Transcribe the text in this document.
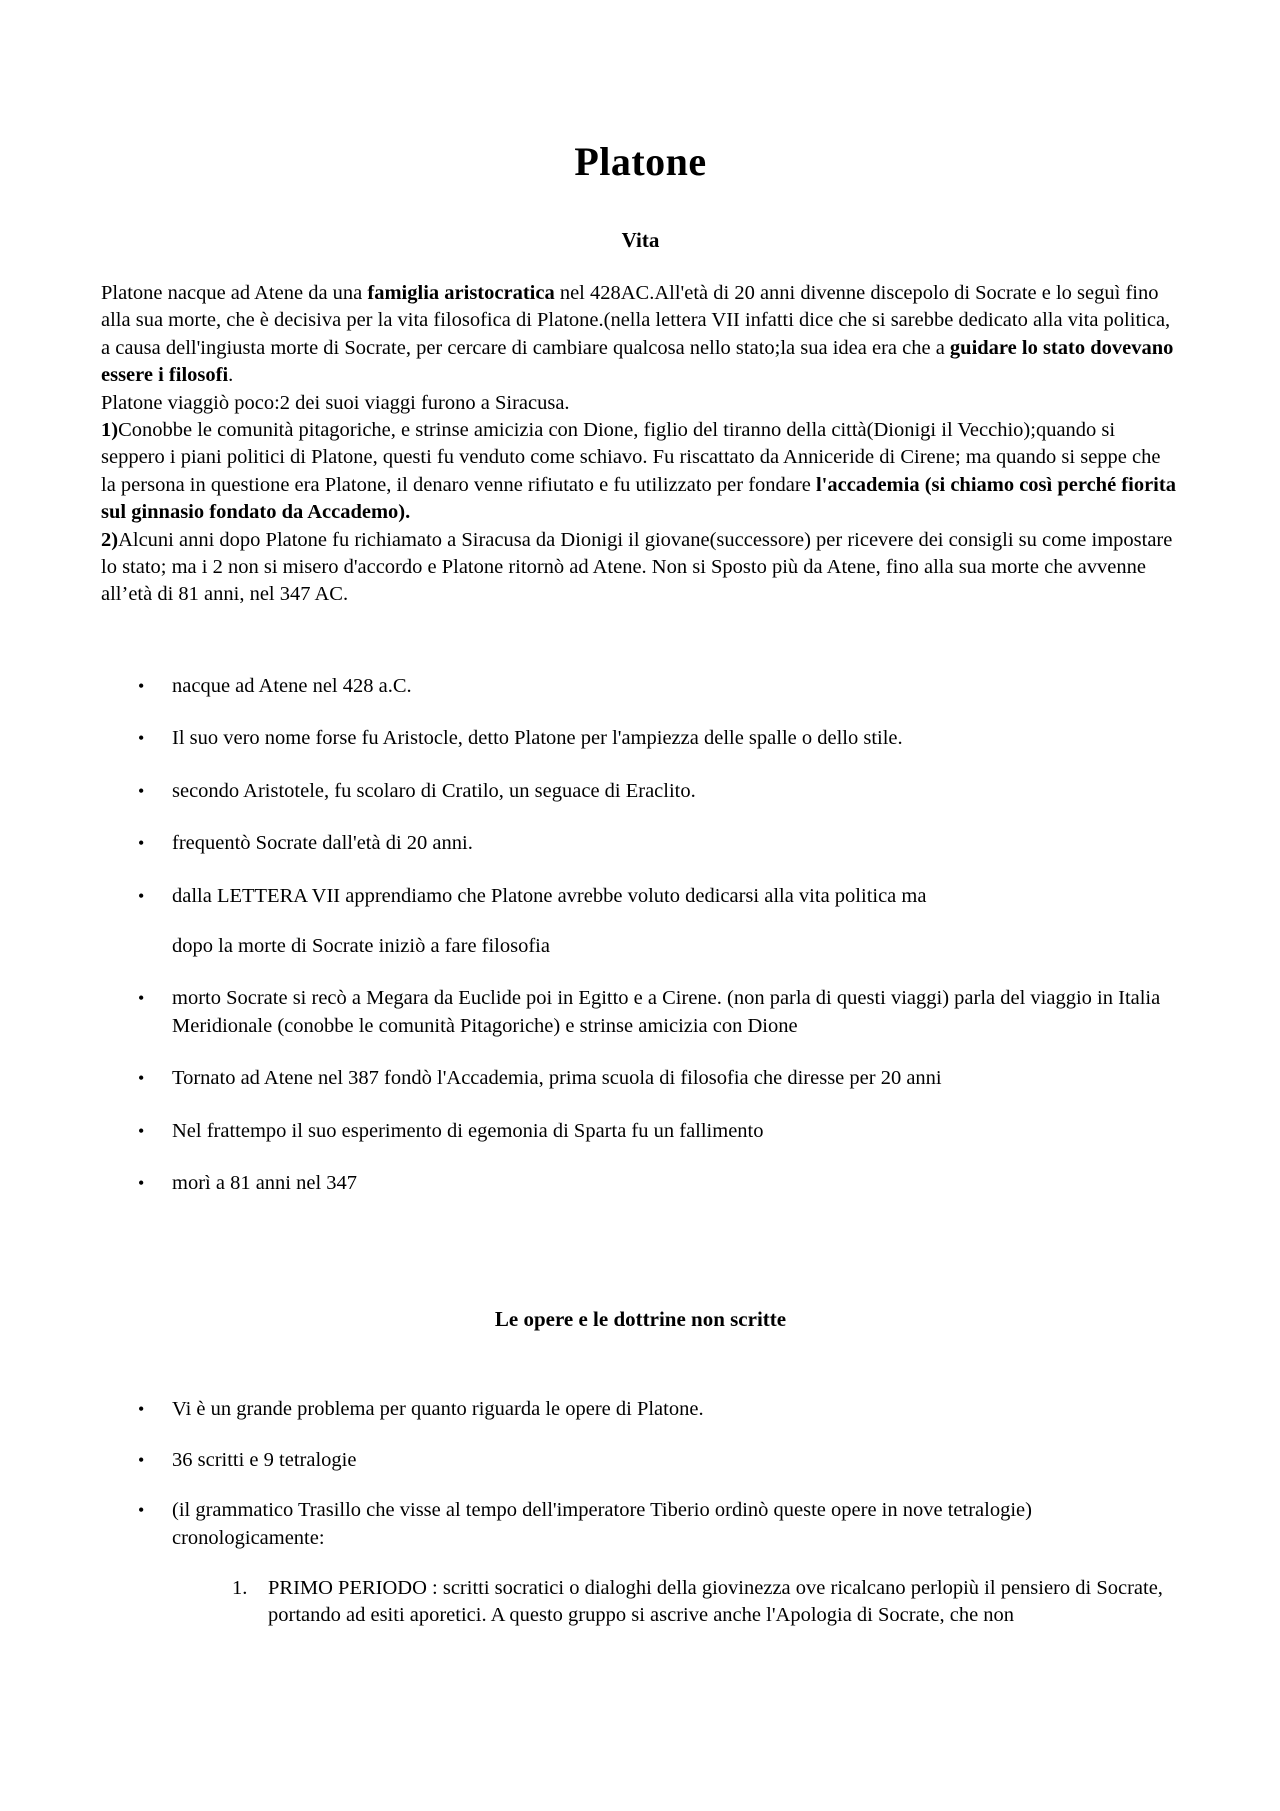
Platone
Vita

Platone nacque ad Atene da una famiglia aristocratica nel 428AC.All'età di 20 anni divenne discepolo di Socrate e lo seguì fino alla sua morte, che è decisiva per la vita filosofica di Platone.(nella lettera VII infatti dice che si sarebbe dedicato alla vita politica, a causa dell'ingiusta morte di Socrate, per cercare di cambiare qualcosa nello stato;la sua idea era che a guidare lo stato dovevano essere i filosofi.

Platone viaggiò poco:2 dei suoi viaggi furono a Siracusa.

1)Conobbe le comunità pitagoriche, e strinse amicizia con Dione, figlio del tiranno della città(Dionigi il Vecchio);quando si seppero i piani politici di Platone, questi fu venduto come schiavo. Fu riscattato da Anniceride di Cirene; ma quando si seppe che la persona in questione era Platone, il denaro venne rifiutato e fu utilizzato per fondare l'accademia (si chiamo così perché fiorita sul ginnasio fondato da Accademo).

2)Alcuni anni dopo Platone fu richiamato a Siracusa da Dionigi il giovane(successore) per ricevere dei consigli su come impostare lo stato; ma i 2 non si misero d'accordo e Platone ritornò ad Atene. Non si Sposto più da Atene, fino alla sua morte che avvenne all’età di 81 anni, nel 347 AC.

• nacque ad Atene nel 428 a.C.
• Il suo vero nome forse fu Aristocle, detto Platone per l'ampiezza delle spalle o dello stile.
• secondo Aristotele, fu scolaro di Cratilo, un seguace di Eraclito.
• frequentò Socrate dall'età di 20 anni.
• dalla LETTERA VII apprendiamo che Platone avrebbe voluto dedicarsi alla vita politica ma
dopo la morte di Socrate iniziò a fare filosofia
• morto Socrate si recò a Megara da Euclide poi in Egitto e a Cirene. (non parla di questi viaggi) parla del viaggio in Italia Meridionale (conobbe le comunità Pitagoriche) e strinse amicizia con Dione
• Tornato ad Atene nel 387 fondò l'Accademia, prima scuola di filosofia che diresse per 20 anni
• Nel frattempo il suo esperimento di egemonia di Sparta fu un fallimento
• morì a 81 anni nel 347
Le opere e le dottrine non scritte
• Vi è un grande problema per quanto riguarda le opere di Platone.
• 36 scritti e 9 tetralogie
• (il grammatico Trasillo che visse al tempo dell'imperatore Tiberio ordinò queste opere in nove tetralogie) cronologicamente:
1. PRIMO PERIODO : scritti socratici o dialoghi della giovinezza ove ricalcano perlopiù il pensiero di Socrate, portando ad esiti aporetici. A questo gruppo si ascrive anche l'Apologia di Socrate, che non
